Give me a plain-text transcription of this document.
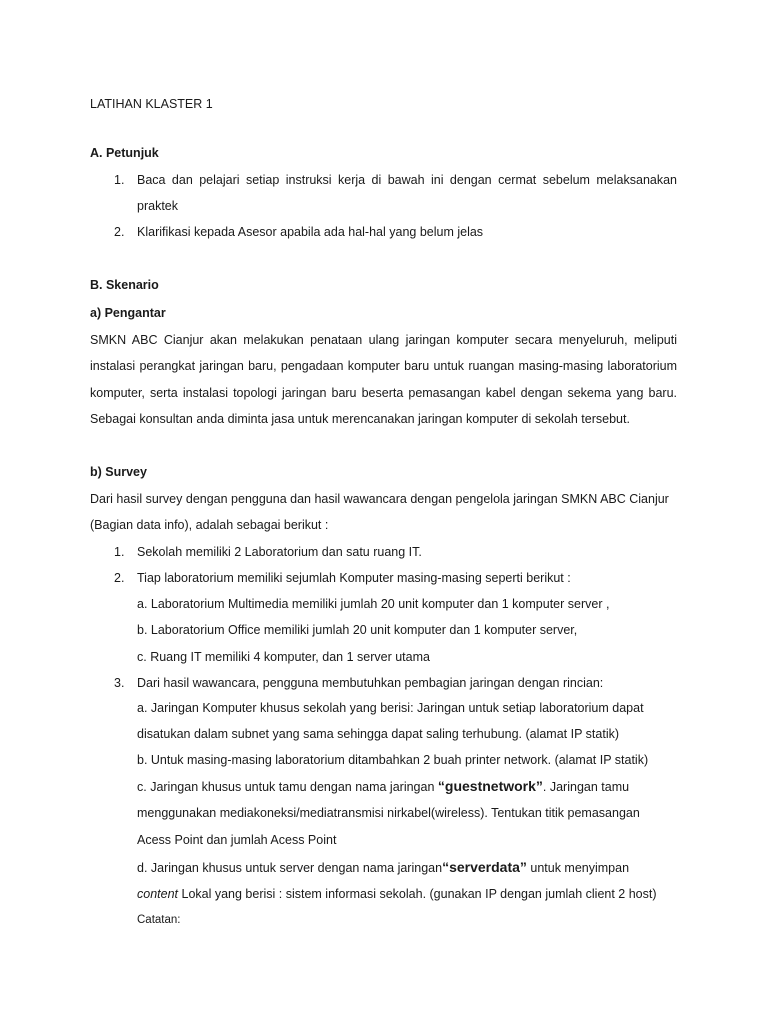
LATIHAN KLASTER 1
A. Petunjuk
1. Baca dan pelajari setiap instruksi kerja di bawah ini dengan cermat sebelum melaksanakan
praktek
2. Klarifikasi kepada Asesor apabila ada hal-hal yang belum jelas
B. Skenario
a) Pengantar
SMKN ABC Cianjur akan melakukan penataan ulang jaringan komputer secara menyeluruh, meliputi
instalasi perangkat jaringan baru, pengadaan komputer baru untuk ruangan masing-masing laboratorium
komputer, serta instalasi topologi jaringan baru beserta pemasangan kabel dengan sekema yang baru.
Sebagai konsultan anda diminta jasa untuk merencanakan jaringan komputer di sekolah tersebut.
b) Survey
Dari hasil survey dengan pengguna dan hasil wawancara dengan pengelola jaringan SMKN ABC Cianjur
(Bagian data info), adalah sebagai berikut :
1. Sekolah memiliki 2 Laboratorium dan satu ruang IT.
2. Tiap laboratorium memiliki sejumlah Komputer masing-masing seperti berikut :
a. Laboratorium Multimedia memiliki jumlah 20 unit komputer dan 1 komputer server ,
b. Laboratorium Office memiliki jumlah 20 unit komputer dan 1 komputer server,
c. Ruang IT memiliki 4 komputer, dan 1 server utama
3. Dari hasil wawancara, pengguna membutuhkan pembagian jaringan dengan rincian:
a. Jaringan Komputer khusus sekolah yang berisi: Jaringan untuk setiap laboratorium dapat
disatukan dalam subnet yang sama sehingga dapat saling terhubung. (alamat IP statik)
b. Untuk masing-masing laboratorium ditambahkan 2 buah printer network. (alamat IP statik)
c. Jaringan khusus untuk tamu dengan nama jaringan “guestnetwork”. Jaringan tamu
menggunakan mediakoneksi/mediatransmisi nirkabel(wireless). Tentukan titik pemasangan
Acess Point dan jumlah Acess Point
d. Jaringan khusus untuk server dengan nama jaringan“serverdata” untuk menyimpan
content Lokal yang berisi : sistem informasi sekolah. (gunakan IP dengan jumlah client 2 host)
Catatan:
